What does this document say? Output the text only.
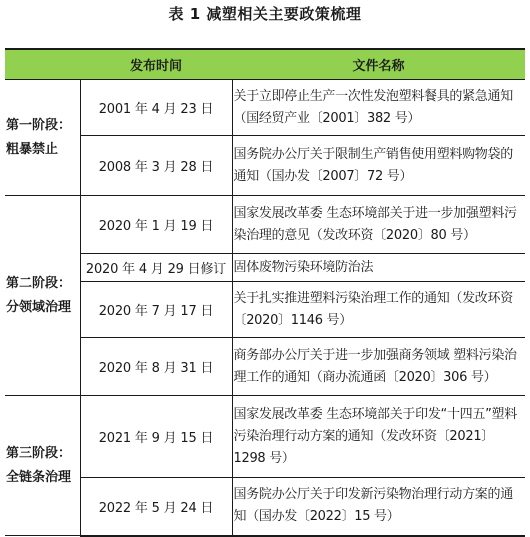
表 1 减塑相关主要政策梳理
	发布时间	文件名称

第一阶段：
粗暴禁止	2001 年 4 月 23 日	关于立即停止生产一次性发泡塑料餐具的紧急通知（国经贸产业〔2001〕382 号）
	2008 年 3 月 28 日	国务院办公厅关于限制生产销售使用塑料购物袋的通知（国办发〔2007〕72 号）

第二阶段：
分领域治理	2020 年 1 月 19 日	国家发展改革委 生态环境部关于进一步加强塑料污染治理的意见（发改环资〔2020〕80 号）
	2020 年 4 月 29 日修订	固体废物污染环境防治法
	2020 年 7 月 17 日	关于扎实推进塑料污染治理工作的通知（发改环资〔2020〕1146 号）
	2020 年 8 月 31 日	商务部办公厅关于进一步加强商务领域 塑料污染治理工作的通知（商办流通函〔2020〕306 号）

第三阶段：
全链条治理	2021 年 9 月 15 日	国家发展改革委 生态环境部关于印发“十四五”塑料污染治理行动方案的通知（发改环资〔2021〕1298 号）
	2022 年 5 月 24 日	国务院办公厅关于印发新污染物治理行动方案的通知（国办发〔2022〕15 号）
